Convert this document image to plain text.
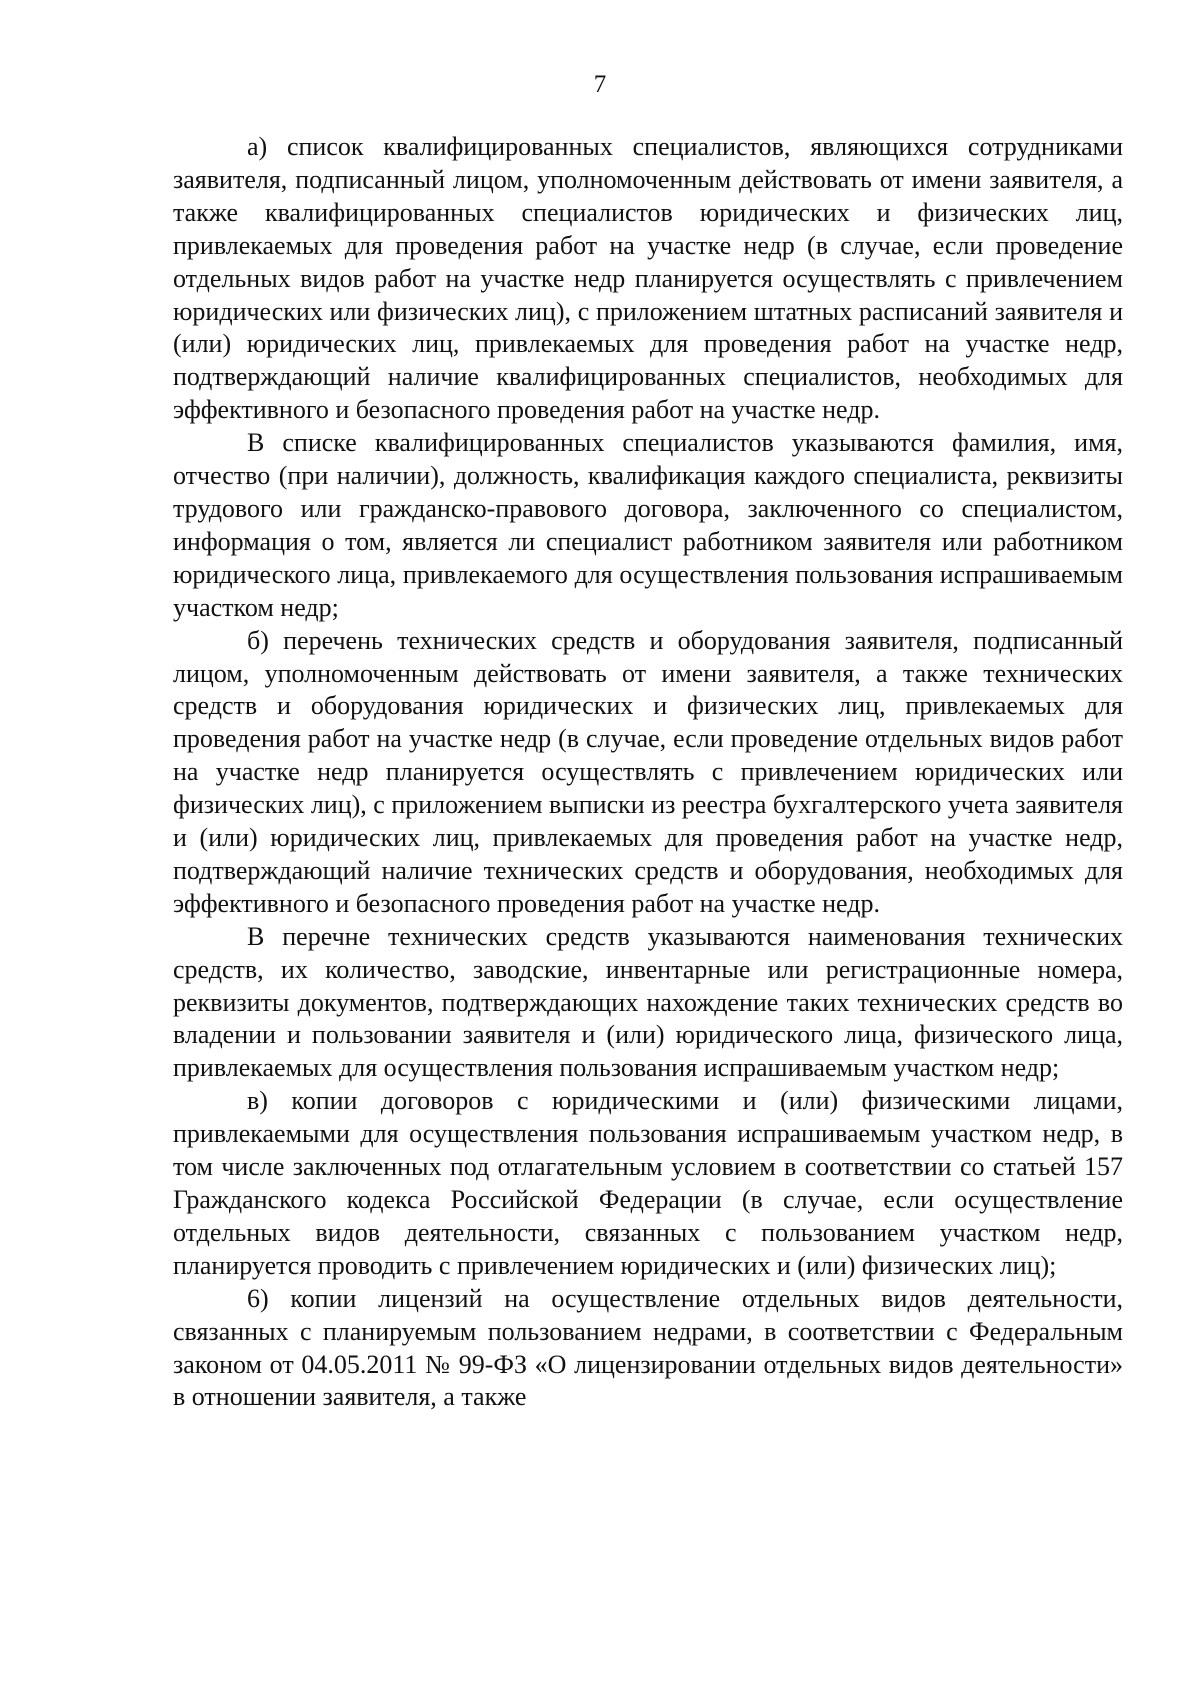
7

а) список квалифицированных специалистов, являющихся сотрудниками заявителя, подписанный лицом, уполномоченным действовать от имени заявителя, а также квалифицированных специалистов юридических и физических лиц, привлекаемых для проведения работ на участке недр (в случае, если проведение отдельных видов работ на участке недр планируется осуществлять с привлечением юридических или физических лиц), с приложением штатных расписаний заявителя и (или) юридических лиц, привлекаемых для проведения работ на участке недр, подтверждающий наличие квалифицированных специалистов, необходимых для эффективного и безопасного проведения работ на участке недр.

В списке квалифицированных специалистов указываются фамилия, имя, отчество (при наличии), должность, квалификация каждого специалиста, реквизиты трудового или гражданско-правового договора, заключенного со специалистом, информация о том, является ли специалист работником заявителя или работником юридического лица, привлекаемого для осуществления пользования испрашиваемым участком недр;

б) перечень технических средств и оборудования заявителя, подписанный лицом, уполномоченным действовать от имени заявителя, а также технических средств и оборудования юридических и физических лиц, привлекаемых для проведения работ на участке недр (в случае, если проведение отдельных видов работ на участке недр планируется осуществлять с привлечением юридических или физических лиц), с приложением выписки из реестра бухгалтерского учета заявителя и (или) юридических лиц, привлекаемых для проведения работ на участке недр, подтверждающий наличие технических средств и оборудования, необходимых для эффективного и безопасного проведения работ на участке недр.

В перечне технических средств указываются наименования технических средств, их количество, заводские, инвентарные или регистрационные номера, реквизиты документов, подтверждающих нахождение таких технических средств во владении и пользовании заявителя и (или) юридического лица, физического лица, привлекаемых для осуществления пользования испрашиваемым участком недр;

в) копии договоров с юридическими и (или) физическими лицами, привлекаемыми для осуществления пользования испрашиваемым участком недр, в том числе заключенных под отлагательным условием в соответствии со статьей 157 Гражданского кодекса Российской Федерации (в случае, если осуществление отдельных видов деятельности, связанных с пользованием участком недр, планируется проводить с привлечением юридических и (или) физических лиц);

6) копии лицензий на осуществление отдельных видов деятельности, связанных с планируемым пользованием недрами, в соответствии с Федеральным законом от 04.05.2011 № 99-ФЗ «О лицензировании отдельных видов деятельности» в отношении заявителя, а также
